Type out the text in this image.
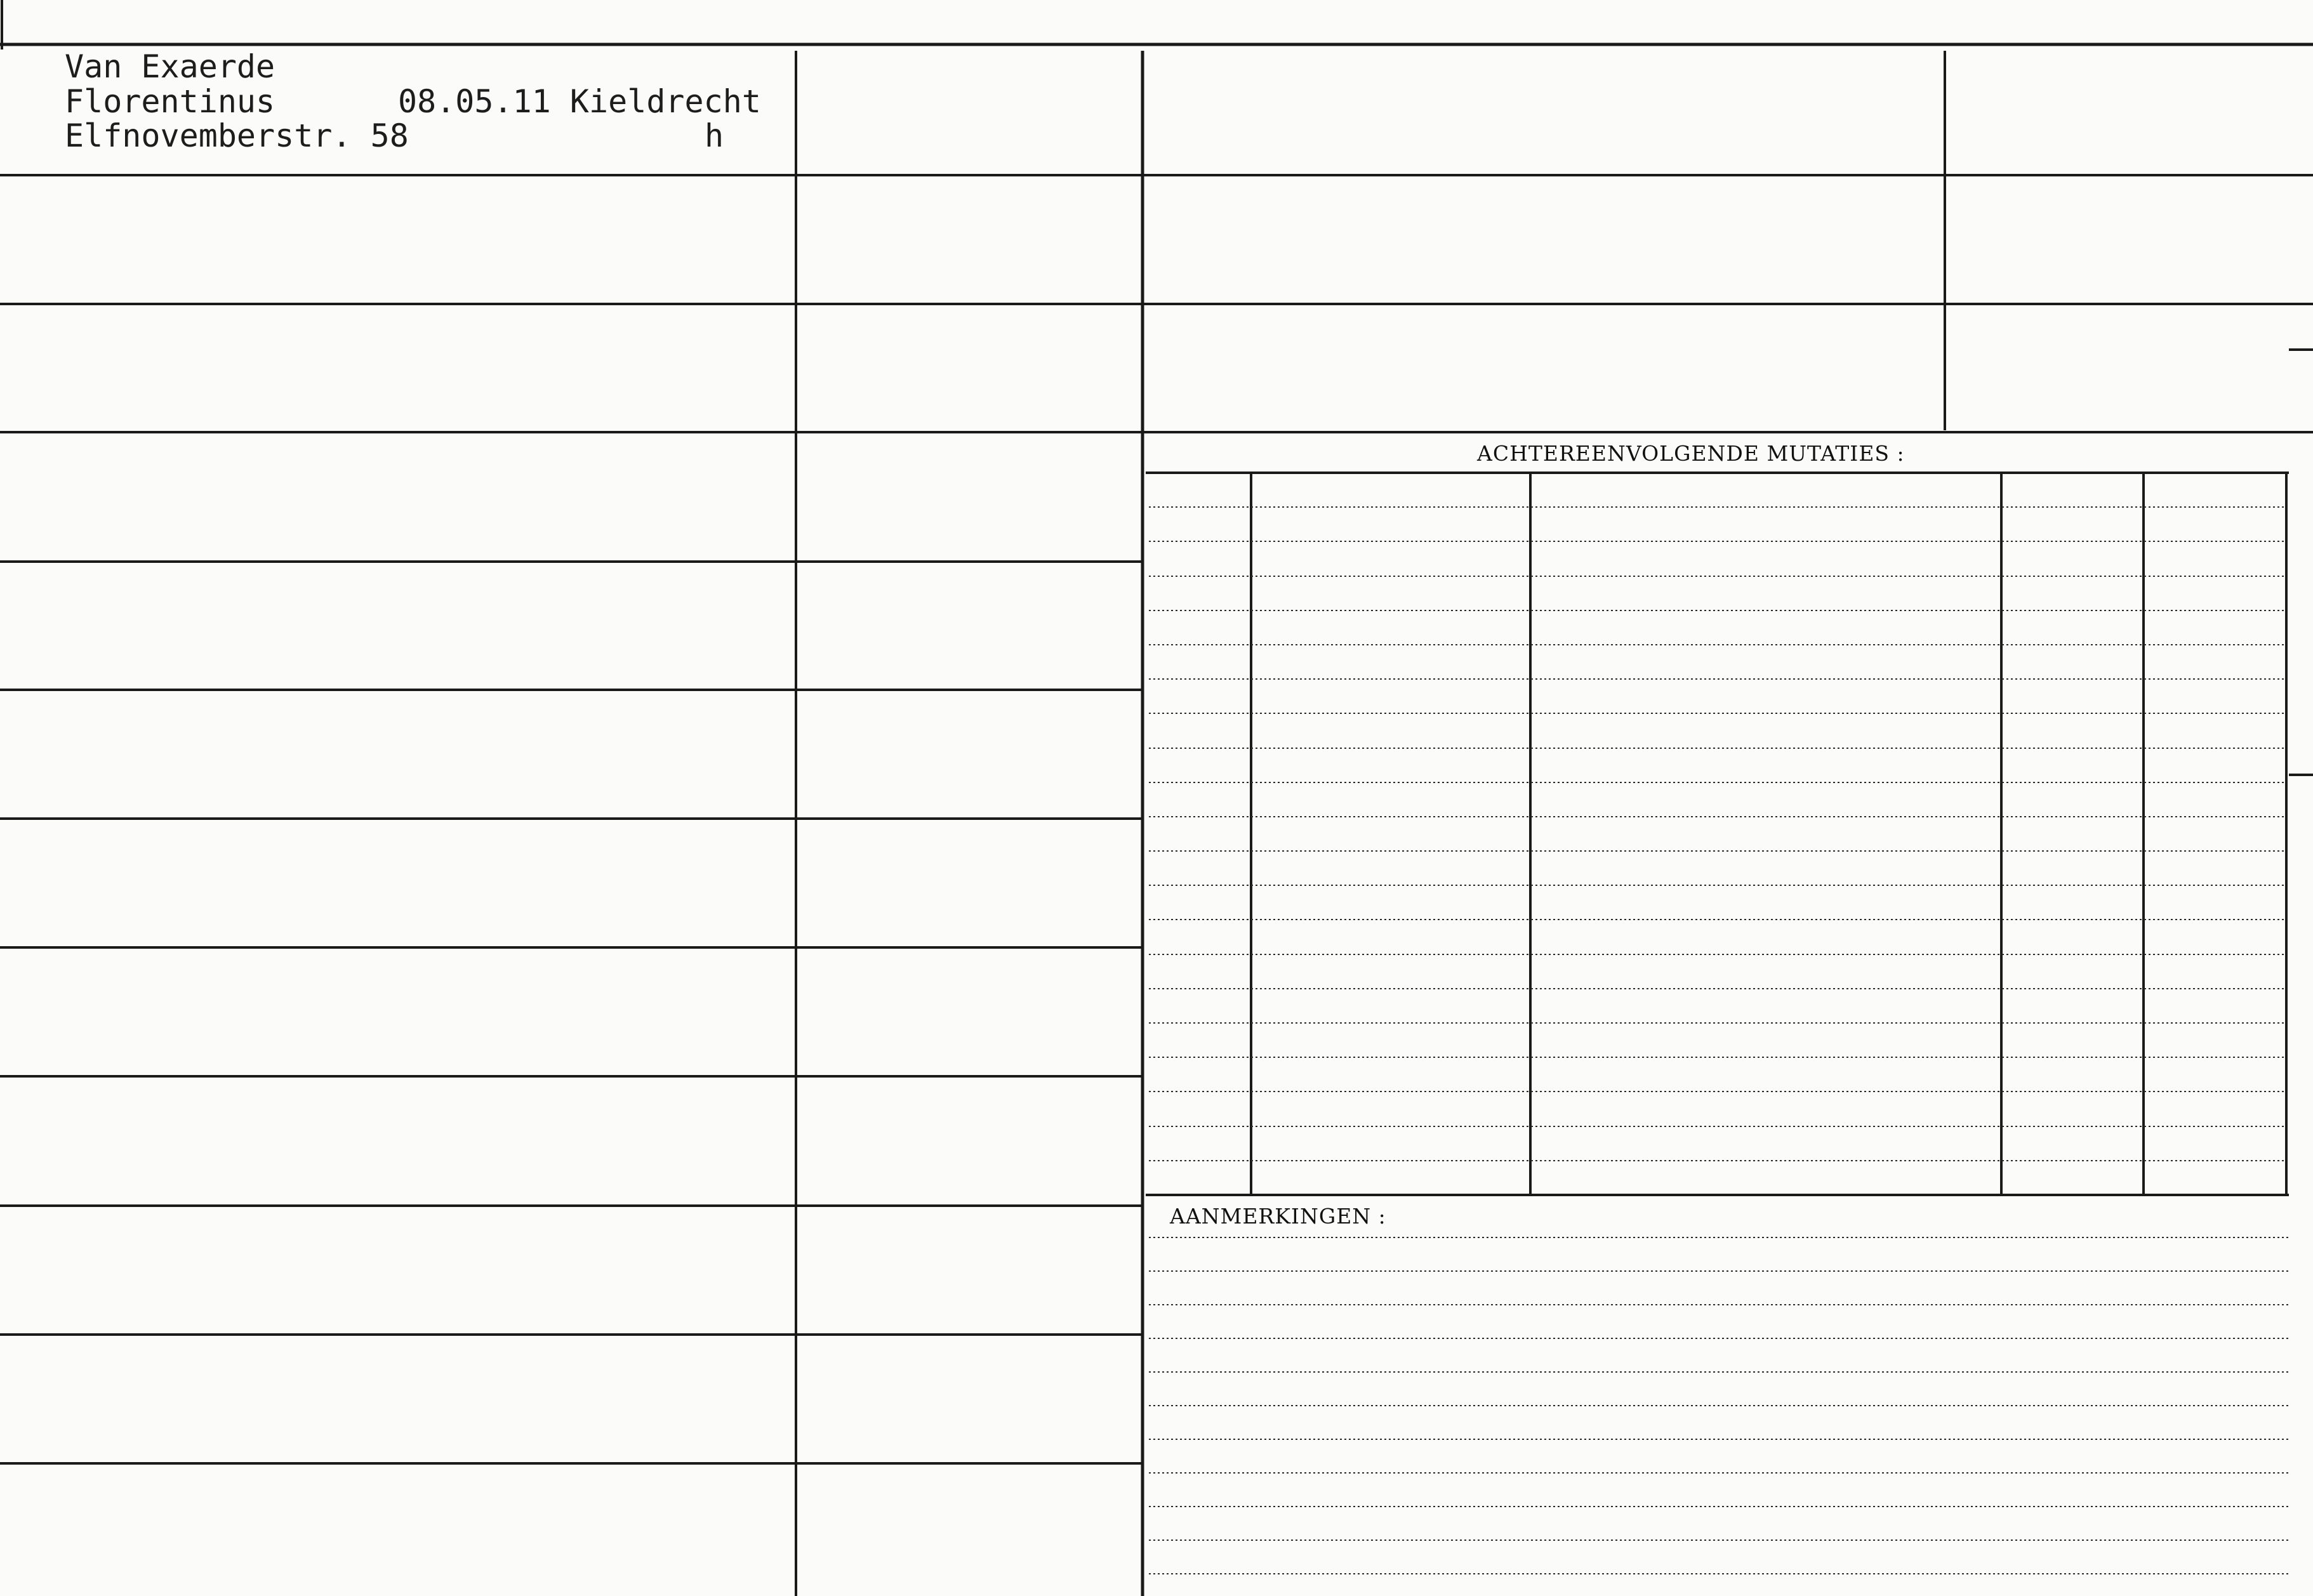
Van Exaerde
Florentinus	08.05.11 Kieldrecht
Elfnovemberstr. 58	h
ACHTEREENVOLGENDE MUTATIES :
AANMERKINGEN :
